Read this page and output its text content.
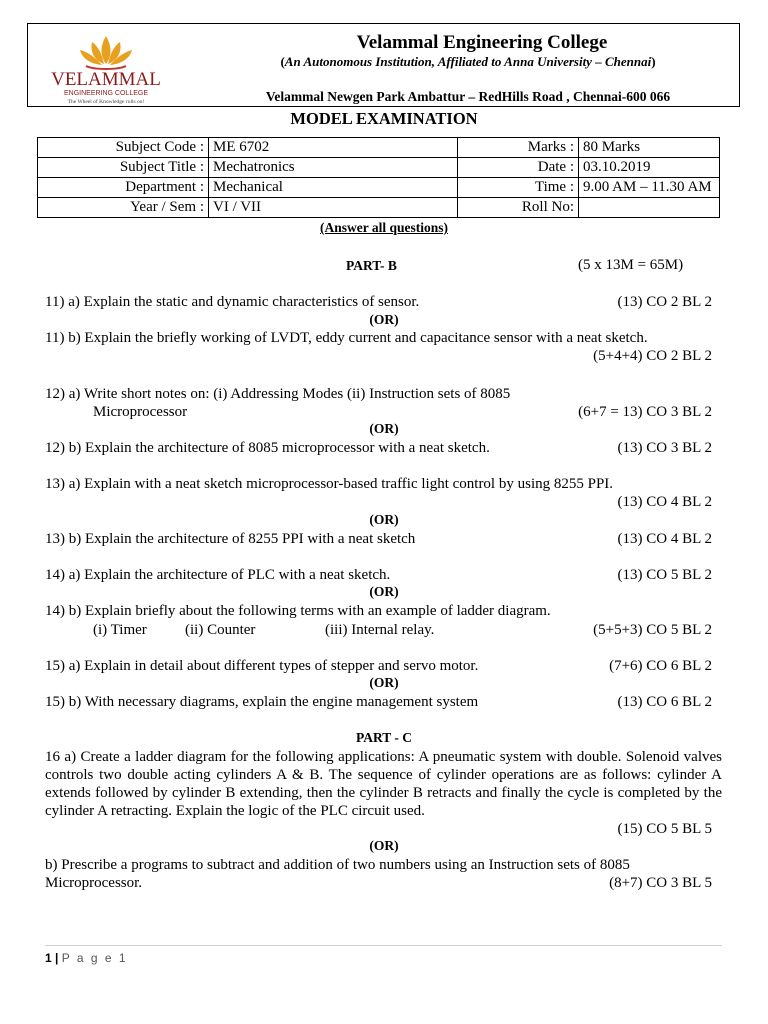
VELAMMAL
ENGINEERING COLLEGE
The Wheel of Knowledge rolls on!
Velammal Engineering College
(An Autonomous Institution, Affiliated to Anna University – Chennai)
Velammal Newgen Park Ambattur – RedHills Road , Chennai-600 066
MODEL EXAMINATION
Subject Code :	ME 6702	Marks :	80 Marks
Subject Title :	Mechatronics	Date :	03.10.2019
Department :	Mechanical	Time :	9.00 AM – 11.30 AM
Year / Sem :	VI / VII	Roll No:	
(Answer all questions)
PART- B	(5 x 13M = 65M)
11) a) Explain the static and dynamic characteristics of sensor.	(13) CO 2 BL 2
(OR)
11) b) Explain the briefly working of LVDT, eddy current and capacitance sensor with a neat sketch.
(5+4+4) CO 2 BL 2
12) a) Write short notes on: (i) Addressing Modes (ii) Instruction sets of 8085
Microprocessor	(6+7 = 13) CO 3 BL 2
(OR)
12) b) Explain the architecture of 8085 microprocessor with a neat sketch.	(13) CO 3 BL 2
13) a) Explain with a neat sketch microprocessor-based traffic light control by using 8255 PPI.
(13) CO 4 BL 2
(OR)
13) b) Explain the architecture of 8255 PPI with a neat sketch	(13) CO 4 BL 2
14) a) Explain the architecture of PLC with a neat sketch.	(13) CO 5 BL 2
(OR)
14) b) Explain briefly about the following terms with an example of ladder diagram.
(i) Timer	(ii) Counter	(iii) Internal relay.	(5+5+3) CO 5 BL 2
15) a) Explain in detail about different types of stepper and servo motor.	(7+6) CO 6 BL 2
(OR)
15) b) With necessary diagrams, explain the engine management system	(13) CO 6 BL 2
PART - C
16 a) Create a ladder diagram for the following applications: A pneumatic system with double. Solenoid valves controls two double acting cylinders A & B. The sequence of cylinder operations are as follows: cylinder A extends followed by cylinder B extending, then the cylinder B retracts and finally the cycle is completed by the cylinder A retracting. Explain the logic of the PLC circuit used.
(15) CO 5 BL 5
(OR)
b) Prescribe a programs to subtract and addition of two numbers using an Instruction sets of 8085
Microprocessor.	(8+7) CO 3 BL 5
1 | P a g e 1
